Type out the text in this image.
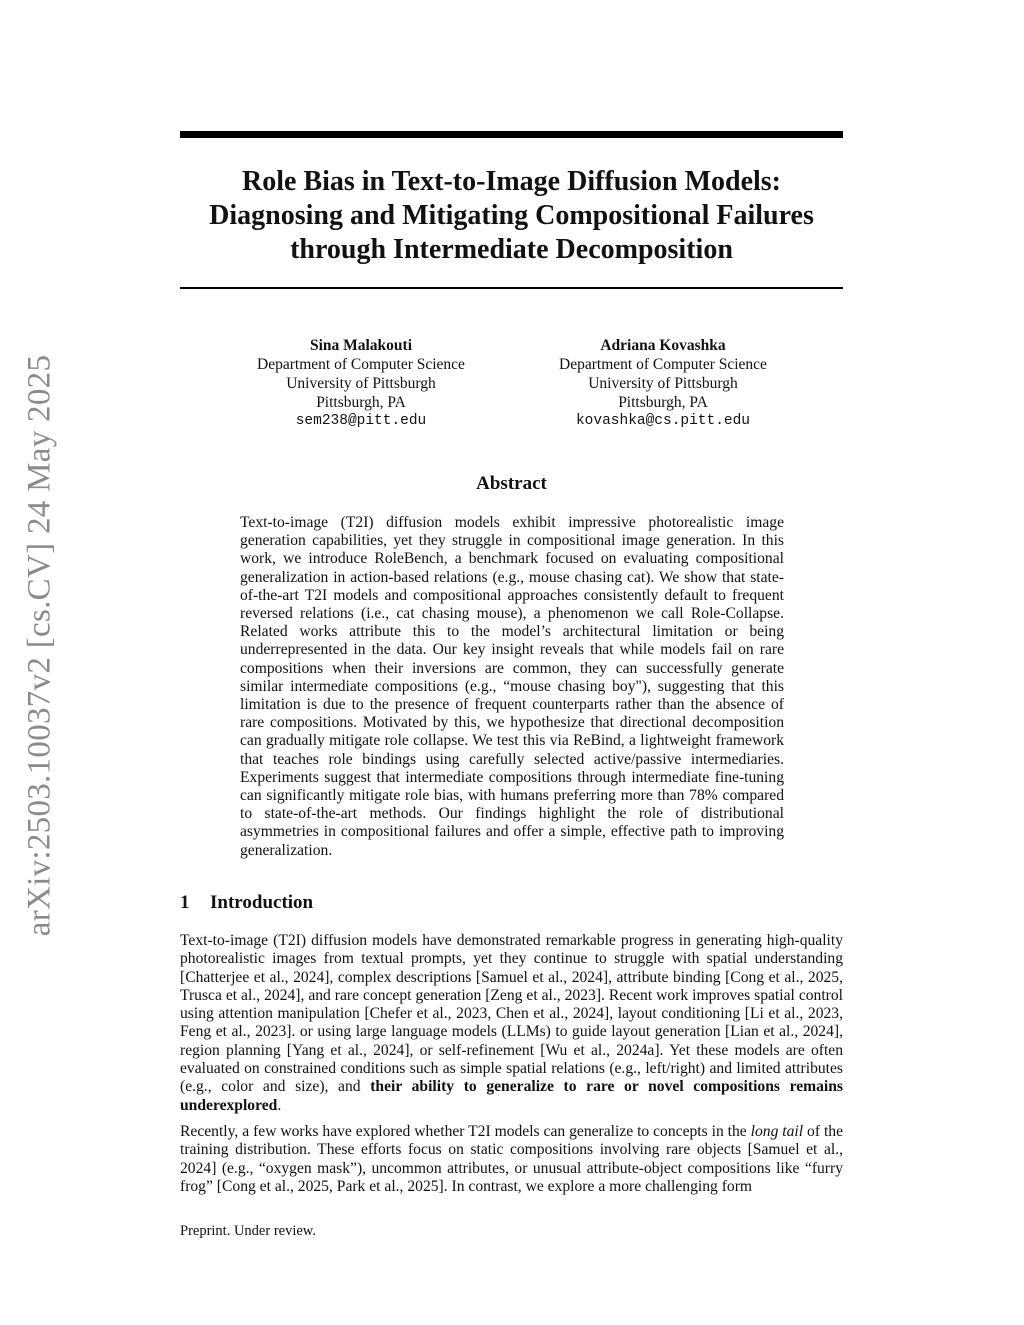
arXiv:2503.10037v2 [cs.CV] 24 May 2025
Role Bias in Text-to-Image Diffusion Models:
Diagnosing and Mitigating Compositional Failures
through Intermediate Decomposition
Sina Malakouti
Department of Computer Science
University of Pittsburgh
Pittsburgh, PA
sem238@pitt.edu
Adriana Kovashka
Department of Computer Science
University of Pittsburgh
Pittsburgh, PA
kovashka@cs.pitt.edu
Abstract
Text-to-image (T2I) diffusion models exhibit impressive photorealistic image generation capabilities, yet they struggle in compositional image generation. In this work, we introduce RoleBench, a benchmark focused on evaluating compositional generalization in action-based relations (e.g., mouse chasing cat). We show that state-of-the-art T2I models and compositional approaches consistently default to frequent reversed relations (i.e., cat chasing mouse), a phenomenon we call Role-Collapse. Related works attribute this to the model’s architectural limitation or being underrepresented in the data. Our key insight reveals that while models fail on rare compositions when their inversions are common, they can successfully generate similar intermediate compositions (e.g., “mouse chasing boy"), suggesting that this limitation is due to the presence of frequent counterparts rather than the absence of rare compositions. Motivated by this, we hypothesize that directional decomposition can gradually mitigate role collapse. We test this via ReBind, a lightweight framework that teaches role bindings using carefully selected active/passive intermediaries. Experiments suggest that intermediate compositions through intermediate fine-tuning can significantly mitigate role bias, with humans preferring more than 78% compared to state-of-the-art methods. Our findings highlight the role of distributional asymmetries in compositional failures and offer a simple, effective path to improving generalization.
1 Introduction

Text-to-image (T2I) diffusion models have demonstrated remarkable progress in generating high-quality photorealistic images from textual prompts, yet they continue to struggle with spatial understanding [Chatterjee et al., 2024], complex descriptions [Samuel et al., 2024], attribute binding [Cong et al., 2025, Trusca et al., 2024], and rare concept generation [Zeng et al., 2023]. Recent work improves spatial control using attention manipulation [Chefer et al., 2023, Chen et al., 2024], layout conditioning [Li et al., 2023, Feng et al., 2023]. or using large language models (LLMs) to guide layout generation [Lian et al., 2024], region planning [Yang et al., 2024], or self-refinement [Wu et al., 2024a]. Yet these models are often evaluated on constrained conditions such as simple spatial relations (e.g., left/right) and limited attributes (e.g., color and size), and their ability to generalize to rare or novel compositions remains underexplored.

Recently, a few works have explored whether T2I models can generalize to concepts in the long tail of the training distribution. These efforts focus on static compositions involving rare objects [Samuel et al., 2024] (e.g., “oxygen mask”), uncommon attributes, or unusual attribute-object compositions like “furry frog” [Cong et al., 2025, Park et al., 2025]. In contrast, we explore a more challenging form

Preprint. Under review.
